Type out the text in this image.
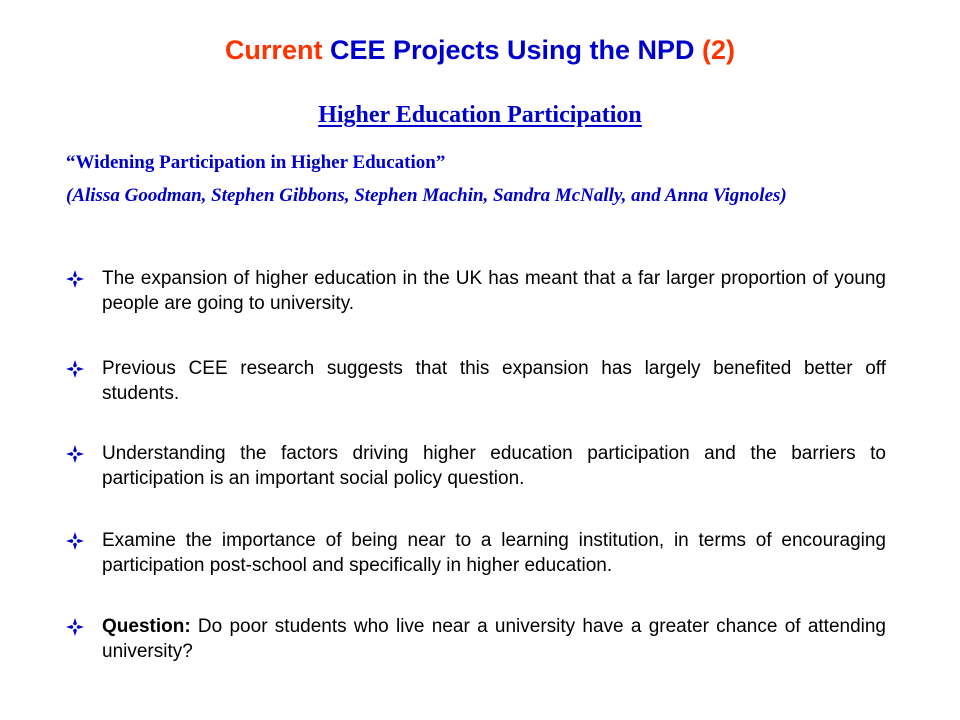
Current CEE Projects Using the NPD (2)
Higher Education Participation
“Widening Participation in Higher Education”
(Alissa Goodman, Stephen Gibbons, Stephen Machin, Sandra McNally, and Anna Vignoles)
The expansion of higher education in the UK has meant that a far larger proportion of young people are going to university.
Previous CEE research suggests that this expansion has largely benefited better off students.
Understanding the factors driving higher education participation and the barriers to participation is an important social policy question.
Examine the importance of being near to a learning institution, in terms of encouraging participation post-school and specifically in higher education.
Question: Do poor students who live near a university have a greater chance of attending university?
